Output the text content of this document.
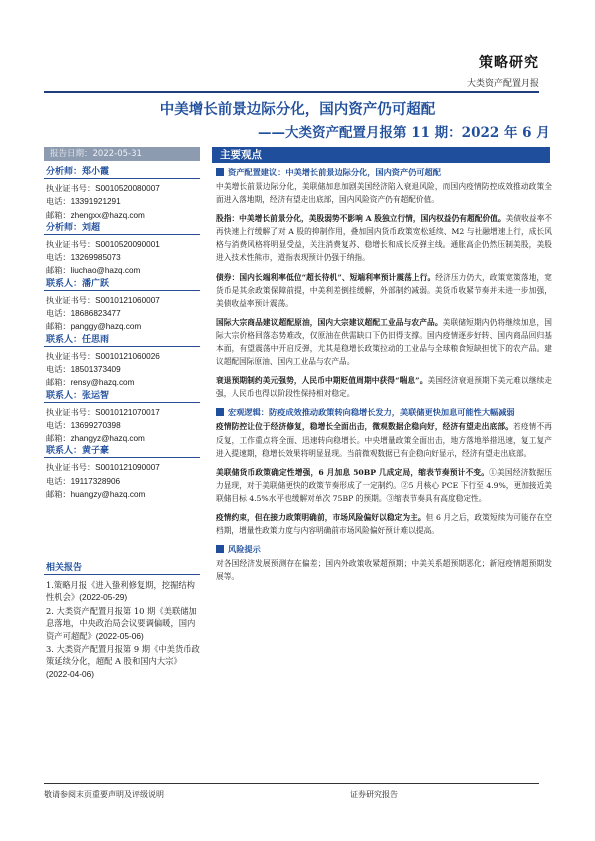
策略研究
大类资产配置月报
中美增长前景边际分化，国内资产仍可超配
——大类资产配置月报第 11 期：2022 年 6 月
报告日期：2022-05-31
分析师：郑小霞
执业证书号：S0010520080007
电话：13391921291
邮箱：zhengxx@hazq.com
分析师：刘超
执业证书号：S0010520090001
电话：13269985073
邮箱：liuchao@hazq.com
联系人：潘广跃
执业证书号：S0010121060007
电话：18686823477
邮箱：panggy@hazq.com
联系人：任思雨
执业证书号：S0010121060026
电话：18501373409
邮箱：rensy@hazq.com
联系人：张运智
执业证书号：S0010121070017
电话：13699270398
邮箱：zhangyz@hazq.com
联系人：黄子豪
执业证书号：S0010121090007
电话：19117328906
邮箱：huangzy@hazq.com
相关报告
1.策略月报《进入蛰利修复期，挖掘结构性机会》(2022-05-29)
2. 大类资产配置月报第 10 期《美联储加息落地，中央政治局会议要调偏暖，国内资产可超配》(2022-05-06)
3. 大类资产配置月报第 9 期《中美货币政策延续分化，超配 A 股和国内大宗》(2022-04-06)
主要观点
资产配置建议：中美增长前景边际分化，国内资产仍可超配
中美增长前景边际分化，美联储加息加剧美国经济陷入衰退风险，而国内疫情防控成效推动政策全面进入落地期，经济有望走出底部，国内风险资产仍有超配价值。
股指：中美增长前景分化，美股弱势不影响 A 股独立行情，国内权益仍有超配价值。美债收益率不再快速上行缓解了对 A 股的抑制作用，叠加国内货币政策宽松延续、M2 与社融增速上行，成长风格与消费风格将明显受益，关注消费复苏、稳增长和成长反弹主线。通胀高企仍然压制美股，美股进入技术性熊市，道指表现预计仍强于纳指。
债券：国内长端利率低位“超长待机”、短端利率预计震荡上行。经济压力仍大，政策宽策落地，宽货币是其余政策保障前提，中美利差倒挂缓解，外部制约减弱。美货币收紧节奏并未进一步加强，美债收益率预计震荡。
国际大宗商品建议超配原油，国内大宗建议超配工业品与农产品。美联储短期内仍将继续加息，国际大宗价格回落态势难改，仅原油在供需缺口下仍旧得支撑。国内疫情逐步好转、国内商品回归基本面，有望震荡中开启反弹，尤其是稳增长政策拉动的工业品与全球粮食短缺担忧下的农产品。建议超配国际原油、国内工业品与农产品。
衰退预期制约美元强势，人民币中期贬值周期中获得“喘息”。美国经济衰退预期下美元难以继续走强，人民币也得以阶段性保持相对稳定。
宏观逻辑：防疫成效推动政策转向稳增长发力，美联储更快加息可能性大幅减弱
疫情防控让位于经济修复，稳增长全面出击，微观数据企稳向好，经济有望走出底部。若疫情不再反复，工作重点将全面、迅速转向稳增长。中央增量政策全面出击，地方落地举措迅速，复工复产进入提速期，稳增长效果将明显显现。当前微观数据已有企稳向好显示，经济有望走出底部。
美联储货币政策确定性增强，6 月加息 50BP 几成定局，缩表节奏预计不变。①美国经济数据压力显现，对于美联储更快的政策节奏形成了一定制约。②5 月核心 PCE 下行至 4.9%，更加接近美联储目标 4.5%水平也缓解对单次 75BP 的预期。③缩表节奏具有高度稳定性。
疫情约束，但在接力政策明确前，市场风险偏好以稳定为主。但 6 月之后，政策短续为可能存在空档期，增量性政策力度与内容明确前市场风险偏好预计难以提高。
风险提示
对各国经济发展预测存在偏差；国内外政策收紧超预期；中美关系超预期恶化；新冠疫情超预期发展等。
敬请参阅末页重要声明及评级说明	证券研究报告
